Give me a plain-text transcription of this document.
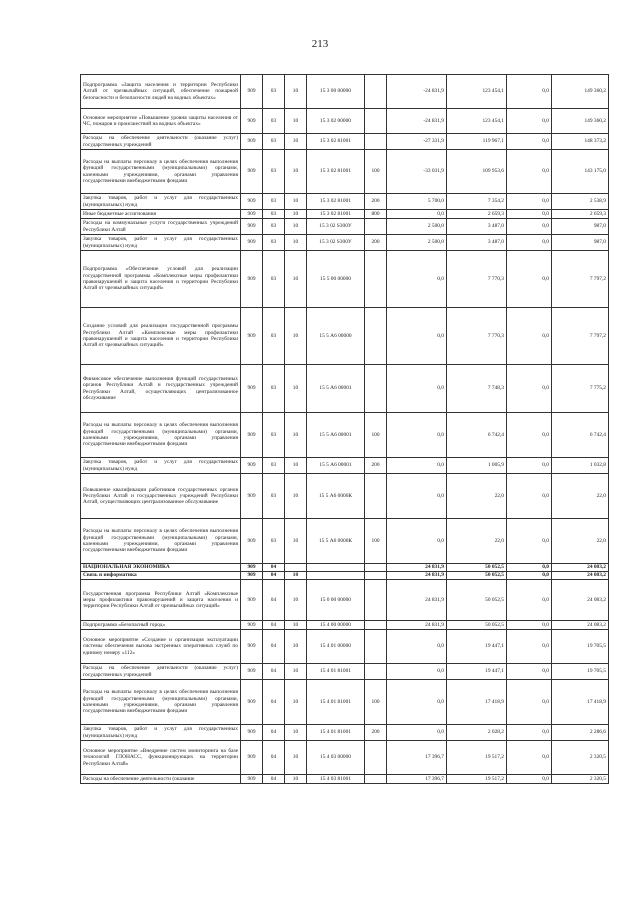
213
Подпрограмма «Защита населения и территории Республики Алтай от чрезвычайных ситуаций, обеспечение пожарной безопасности и безопасности людей на водных объектах»	909	03	10	15 3 00 00000		-24 831,9	123 454,1	0,0	149 360,2
Основное мероприятие «Повышение уровня защиты населения от ЧС, пожаров и происшествий на водных объектах»	909	03	10	15 3 02 00000		-24 831,9	123 454,1	0,0	149 360,2
Расходы на обеспечение деятельности (оказание услуг) государственных учреждений	909	03	10	15 3 02 81001		-27 331,9	119 967,1	0,0	148 373,2
Расходы на выплаты персоналу в целях обеспечения выполнения функций государственными (муниципальными) органами, казенными учреждениями, органами управления государственными внебюджетными фондами	909	03	10	15 3 02 81001	100	-33 031,9	109 953,6	0,0	143 175,0
Закупка товаров, работ и услуг для государственных (муниципальных) нужд	909	03	10	15 3 02 81001	200	5 700,0	7 354,2	0,0	2 538,9
Иные бюджетные ассигнования	909	03	10	15 3 02 81001	800	0,0	2 659,3	0,0	2 659,3
Расходы на коммунальные услуги государственных учреждений Республики Алтай	909	03	10	15 3 02 S300У		2 500,0	3 487,0	0,0	987,0
Закупка товаров, работ и услуг для государственных (муниципальных) нужд	909	03	10	15 3 02 S300У	200	2 500,0	3 487,0	0,0	987,0
Подпрограмма «Обеспечение условий для реализации государственной программы «Комплексные меры профилактики правонарушений и защита населения и территории Республики Алтай от чрезвычайных ситуаций»	909	03	10	15 5 00 00000		0,0	7 770,3	0,0	7 797,2
Создание условий для реализации государственной программы Республики Алтай «Комплексные меры профилактики правонарушений и защита населения и территории Республики Алтай от чрезвычайных ситуаций»	909	03	10	15 5 А6 00000		0,0	7 770,3	0,0	7 797,2
Финансовое обеспечение выполнения функций государственных органов Республики Алтай и государственных учреждений Республики Алтай, осуществляющих централизованное обслуживание	909	03	10	15 5 А6 00001		0,0	7 748,3	0,0	7 775,2
Расходы на выплаты персоналу в целях обеспечения выполнения функций государственными (муниципальными) органами, казенными учреждениями, органами управления государственными внебюджетными фондами	909	03	10	15 5 А6 00001	100	0,0	6 742,4	0,0	6 742,4
Закупка товаров, работ и услуг для государственных (муниципальных) нужд	909	03	10	15 5 А6 00001	200	0,0	1 005,9	0,0	1 032,8
Повышение квалификации работников государственных органов Республики Алтай и государственных учреждений Республики Алтай, осуществляющих централизованное обслуживание	909	03	10	15 5 А6 0000К		0,0	22,0	0,0	22,0
Расходы на выплаты персоналу в целях обеспечения выполнения функций государственными (муниципальными) органами, казенными учреждениями, органами управления государственными внебюджетными фондами	909	03	10	15 5 А6 0000К	100	0,0	22,0	0,0	22,0
НАЦИОНАЛЬНАЯ ЭКОНОМИКА	909	04				24 831,9	50 052,5	0,0	24 083,2
Связь и информатика	909	04	10			24 831,9	50 052,5	0,0	24 083,2
Государственная программа Республики Алтай «Комплексные меры профилактики правонарушений и защита населения и территории Республики Алтай от чрезвычайных ситуаций»	909	04	10	15 0 00 00000		24 831,9	50 052,5	0,0	24 083,2
Подпрограмма «Безопасный город»	909	04	10	15 4 00 00000		24 831,9	50 052,5	0,0	24 083,2
Основное мероприятие «Создание и организация эксплуатации системы обеспечения вызова экстренных оперативных служб по единому номеру «112»	909	04	10	15 4 01 00000		0,0	19 447,1	0,0	19 705,5
Расходы на обеспечение деятельности (оказание услуг) государственных учреждений	909	04	10	15 4 01 81001		0,0	19 447,1	0,0	19 705,5
Расходы на выплаты персоналу в целях обеспечения выполнения функций государственными (муниципальными) органами, казенными учреждениями, органами управления государственными внебюджетными фондами	909	04	10	15 4 01 81001	100	0,0	17 418,9	0,0	17 418,9
Закупка товаров, работ и услуг для государственных (муниципальных) нужд	909	04	10	15 4 01 81001	200	0,0	2 028,2	0,0	2 286,6
Основное мероприятие «Внедрение систем мониторинга на базе технологий ГЛОНАСС, функционирующих на территории Республики Алтай»	909	04	10	15 4 03 00000		17 396,7	19 517,2	0,0	2 320,5
Расходы на обеспечение деятельности (оказание	909	04	10	15 4 03 81001		17 396,7	19 517,2	0,0	2 320,5
